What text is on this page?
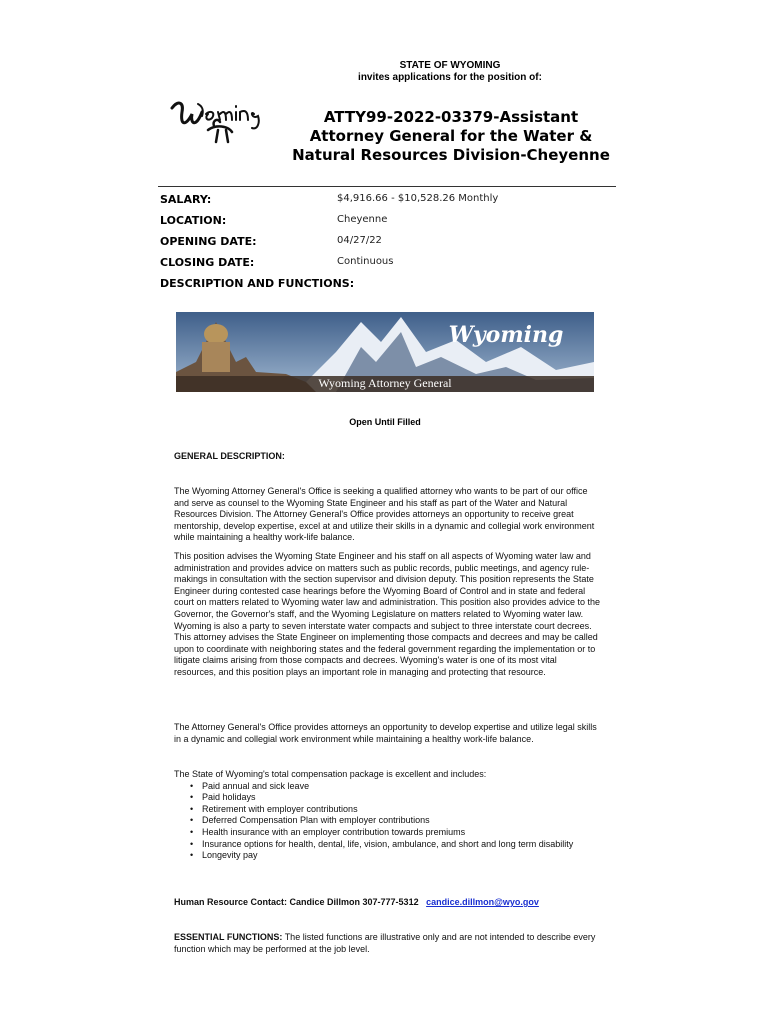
STATE OF WYOMING
invites applications for the position of:
ATTY99-2022-03379-Assistant Attorney General for the Water & Natural Resources Division-Cheyenne
SALARY:	$4,916.66 - $10,528.26 Monthly
LOCATION:	Cheyenne
OPENING DATE:	04/27/22
CLOSING DATE:	Continuous
DESCRIPTION AND FUNCTIONS:
Wyoming
Wyoming Attorney General
Open Until Filled
GENERAL DESCRIPTION:
The Wyoming Attorney General's Office is seeking a qualified attorney who wants to be part of our office and serve as counsel to the Wyoming State Engineer and his staff as part of the Water and Natural Resources Division. The Attorney General's Office provides attorneys an opportunity to receive great mentorship, develop expertise, excel at and utilize their skills in a dynamic and collegial work environment while maintaining a healthy work-life balance.
This position advises the Wyoming State Engineer and his staff on all aspects of Wyoming water law and administration and provides advice on matters such as public records, public meetings, and agency rule-makings in consultation with the section supervisor and division deputy. This position represents the State Engineer during contested case hearings before the Wyoming Board of Control and in state and federal court on matters related to Wyoming water law and administration. This position also provides advice to the Governor, the Governor's staff, and the Wyoming Legislature on matters related to Wyoming water law. Wyoming is also a party to seven interstate water compacts and subject to three interstate court decrees. This attorney advises the State Engineer on implementing those compacts and decrees and may be called upon to coordinate with neighboring states and the federal government regarding the implementation or to litigate claims arising from those compacts and decrees. Wyoming's water is one of its most vital resources, and this position plays an important role in managing and protecting that resource.
The Attorney General's Office provides attorneys an opportunity to develop expertise and utilize legal skills in a dynamic and collegial work environment while maintaining a healthy work-life balance.
The State of Wyoming's total compensation package is excellent and includes:
• Paid annual and sick leave
• Paid holidays
• Retirement with employer contributions
• Deferred Compensation Plan with employer contributions
• Health insurance with an employer contribution towards premiums
• Insurance options for health, dental, life, vision, ambulance, and short and long term disability
• Longevity pay
Human Resource Contact: Candice Dillmon 307-777-5312 candice.dillmon@wyo.gov
ESSENTIAL FUNCTIONS: The listed functions are illustrative only and are not intended to describe every function which may be performed at the job level.
